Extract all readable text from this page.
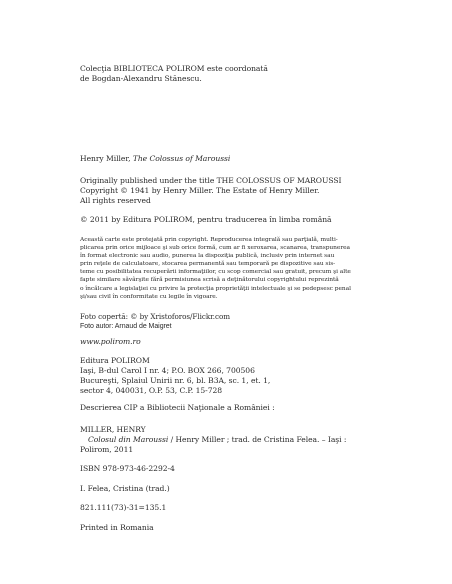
Colecţia BIBLIOTECA POLIROM este coordonată
de Bogdan-Alexandru Stănescu.
Henry Miller, The Colossus of Maroussi
Originally published under the title THE COLOSSUS OF MAROUSSI
Copyright © 1941 by Henry Miller. The Estate of Henry Miller.
All rights reserved
© 2011 by Editura POLIROM, pentru traducerea în limba română
Această carte este protejată prin copyright. Reproducerea integrală sau parţială, multi-
plicarea prin orice mijloace şi sub orice formă, cum ar fi xeroxarea, scanarea, transpunerea
în format electronic sau audio, punerea la dispoziţia publică, inclusiv prin internet sau
prin reţele de calculatoare, stocarea permanentă sau temporară pe dispozitive sau sis-
teme cu posibilitatea recuperării informaţiilor, cu scop comercial sau gratuit, precum şi alte
fapte similare săvârşite fără permisiunea scrisă a deţinătorului copyrightului reprezintă
o încălcare a legislaţiei cu privire la protecţia proprietăţii intelectuale şi se pedepsesc penal
şi/sau civil în conformitate cu legile în vigoare.
Foto copertă: © by Xristoforos/Flickr.com
Foto autor: Arnaud de Maigret
www.polirom.ro
Editura POLIROM
Iaşi, B-dul Carol I nr. 4; P.O. BOX 266, 700506
Bucureşti, Splaiul Unirii nr. 6, bl. B3A, sc. 1, et. 1,
sector 4, 040031, O.P. 53, C.P. 15-728
Descrierea CIP a Bibliotecii Naţionale a României :
MILLER, HENRY
Colosul din Maroussi / Henry Miller ; trad. de Cristina Felea. – Iaşi :
Polirom, 2011
ISBN 978-973-46-2292-4
I. Felea, Cristina (trad.)
821.111(73)-31=135.1
Printed in Romania
